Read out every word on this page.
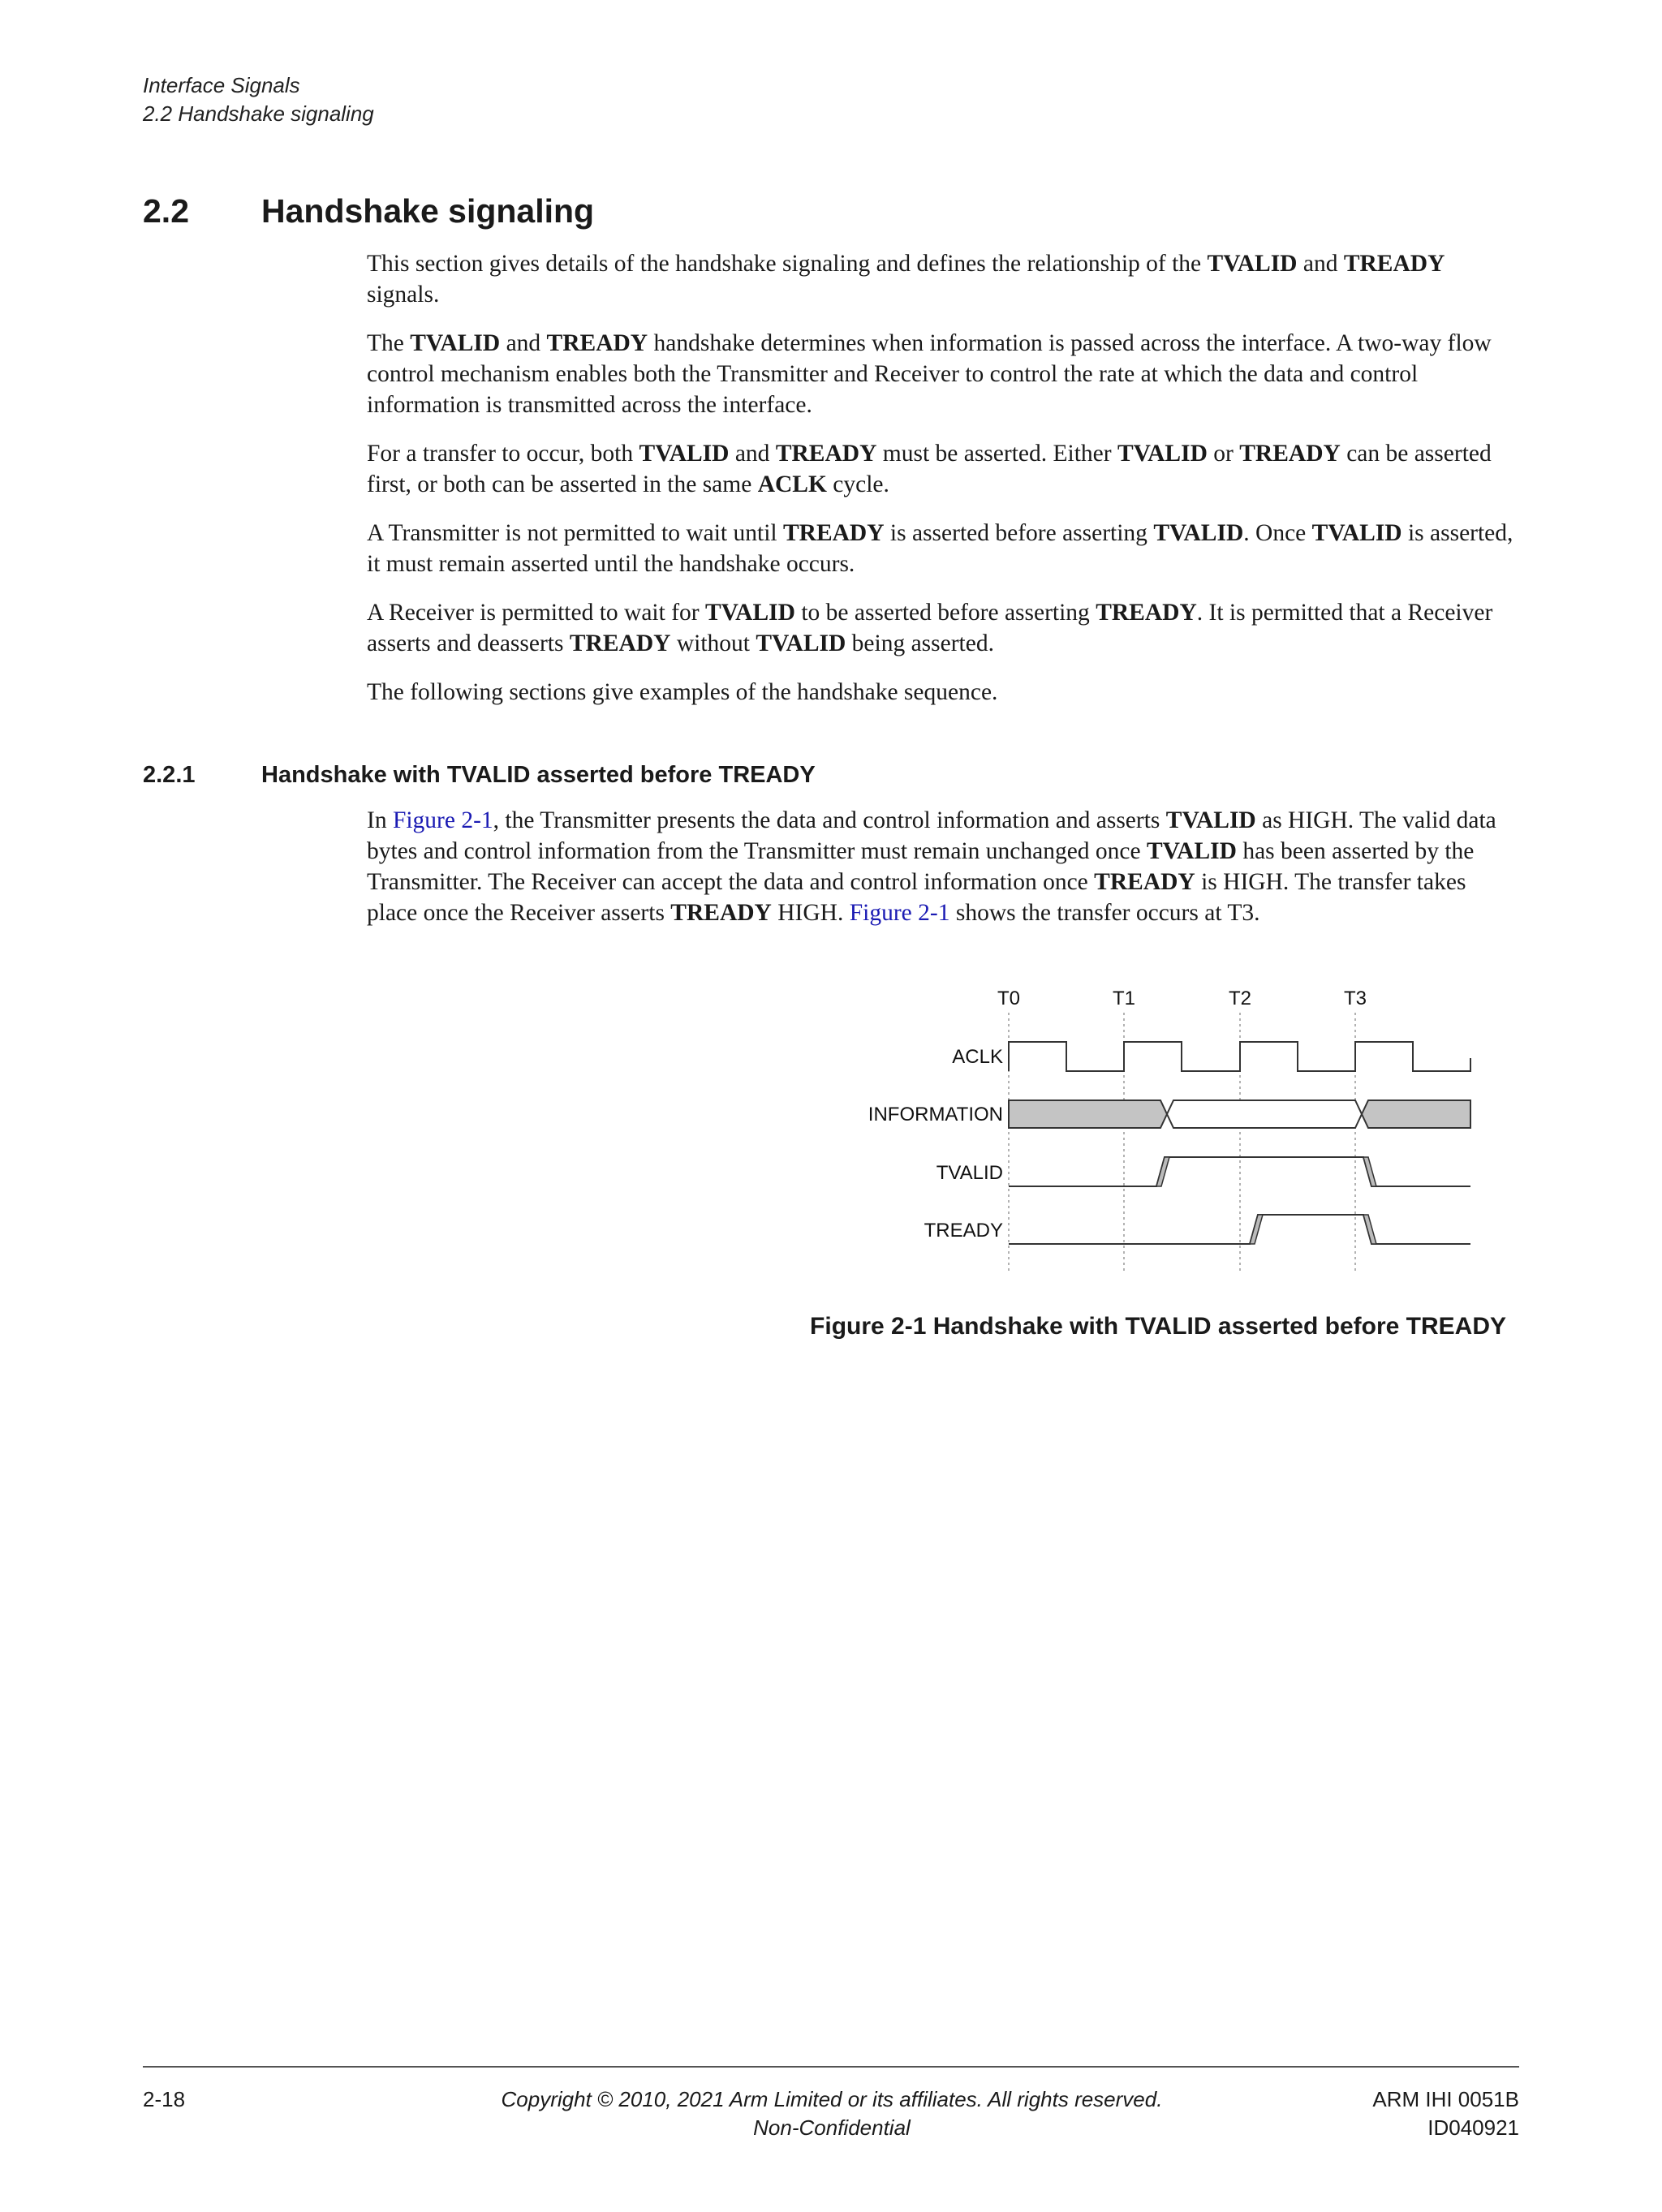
Interface Signals
2.2 Handshake signaling
2.2 Handshake signaling

This section gives details of the handshake signaling and defines the relationship of the TVALID and TREADY signals.

The TVALID and TREADY handshake determines when information is passed across the interface. A two-way flow control mechanism enables both the Transmitter and Receiver to control the rate at which the data and control information is transmitted across the interface.

For a transfer to occur, both TVALID and TREADY must be asserted. Either TVALID or TREADY can be asserted first, or both can be asserted in the same ACLK cycle.

A Transmitter is not permitted to wait until TREADY is asserted before asserting TVALID. Once TVALID is asserted, it must remain asserted until the handshake occurs.

A Receiver is permitted to wait for TVALID to be asserted before asserting TREADY. It is permitted that a Receiver asserts and deasserts TREADY without TVALID being asserted.

The following sections give examples of the handshake sequence.

2.2.1	Handshake with TVALID asserted before TREADY

In Figure 2-1, the Transmitter presents the data and control information and asserts TVALID as HIGH. The valid data bytes and control information from the Transmitter must remain unchanged once TVALID has been asserted by the Transmitter. The Receiver can accept the data and control information once TREADY is HIGH. The transfer takes place once the Receiver asserts TREADY HIGH. Figure 2-1 shows the transfer occurs at T3.

T0	T1	T2	T3
ACLK
INFORMATION
TVALID
TREADY
Figure 2-1 Handshake with TVALID asserted before TREADY
2-18	Copyright © 2010, 2021 Arm Limited or its affiliates. All rights reserved.
Non-Confidential
ARM IHI 0051B
ID040921
